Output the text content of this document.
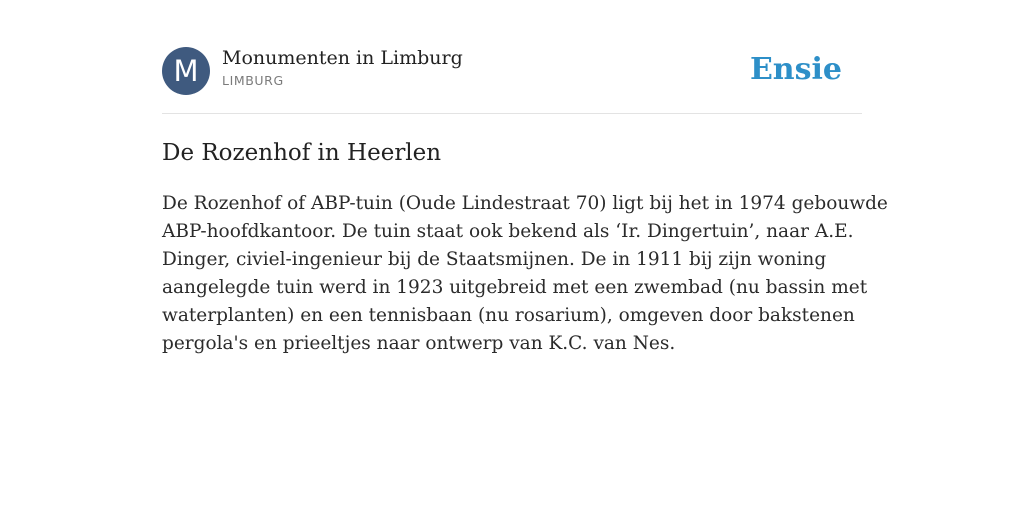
M	Monumenten in Limburg
LIMBURG	Ensie
De Rozenhof in Heerlen

De Rozenhof of ABP-tuin (Oude Lindestraat 70) ligt bij het in 1974 gebouwde
ABP-hoofdkantoor. De tuin staat ook bekend als ‘Ir. Dingertuin’, naar A.E.
Dinger, civiel-ingenieur bij de Staatsmijnen. De in 1911 bij zijn woning
aangelegde tuin werd in 1923 uitgebreid met een zwembad (nu bassin met
waterplanten) en een tennisbaan (nu rosarium), omgeven door bakstenen
pergola's en prieeltjes naar ontwerp van K.C. van Nes.
